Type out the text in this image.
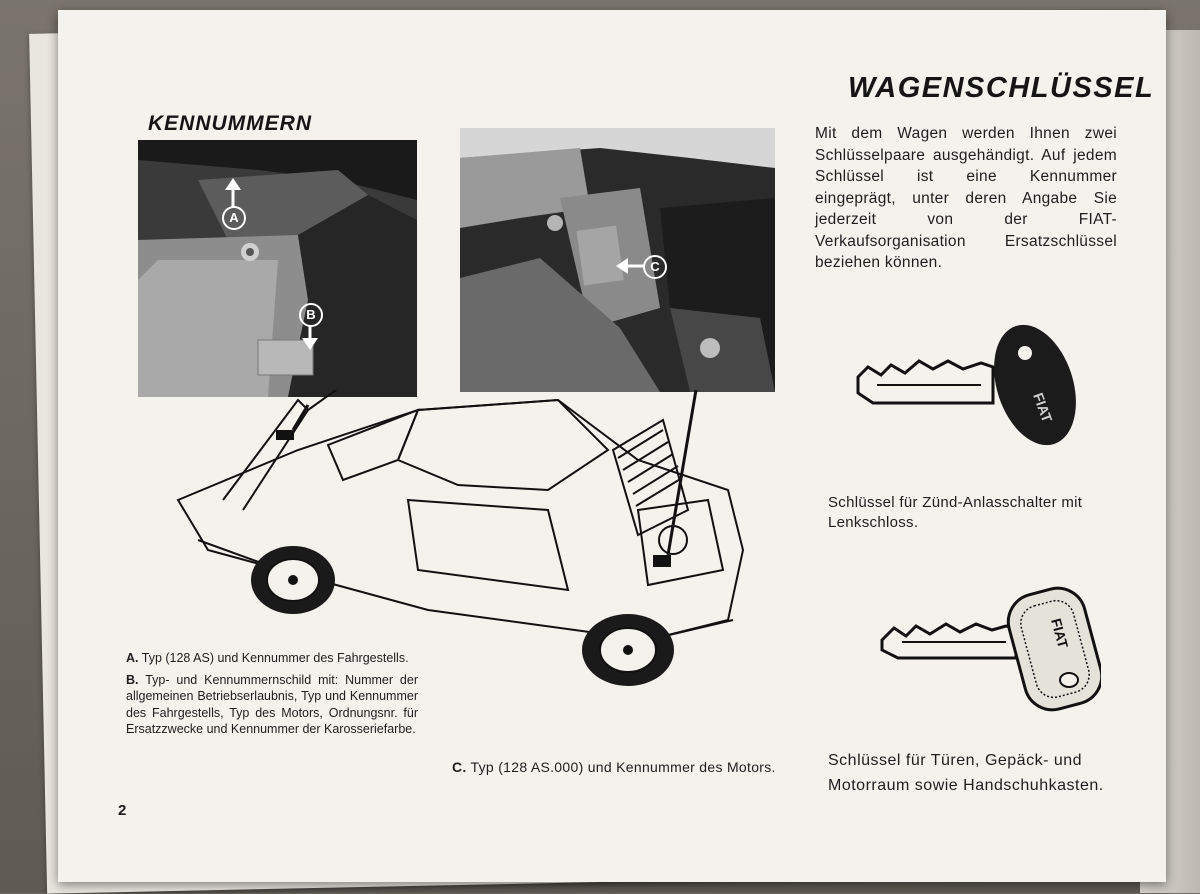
KENNUMMERN
WAGENSCHLÜSSEL
A
B
C
Mit dem Wagen werden Ihnen zwei Schlüsselpaare ausgehändigt. Auf jedem Schlüssel ist eine Kennummer eingeprägt, unter deren Angabe Sie jederzeit von der FIAT-Verkaufsorganisation Ersatzschlüssel beziehen können.
FIAT
Schlüssel für Zünd-Anlasschalter mit Lenkschloss.
FIAT
Schlüssel für Türen, Gepäck- und Motorraum sowie Handschuhkasten.

A. Typ (128 AS) und Kennummer des Fahrgestells.

B. Typ- und Kennummernschild mit: Nummer der allgemeinen Betriebserlaubnis, Typ und Kennummer des Fahrgestells, Typ des Motors, Ordnungsnr. für Ersatzzwecke und Kennummer der Karosseriefarbe.

C. Typ (128 AS.000) und Kennummer des Motors.

2
